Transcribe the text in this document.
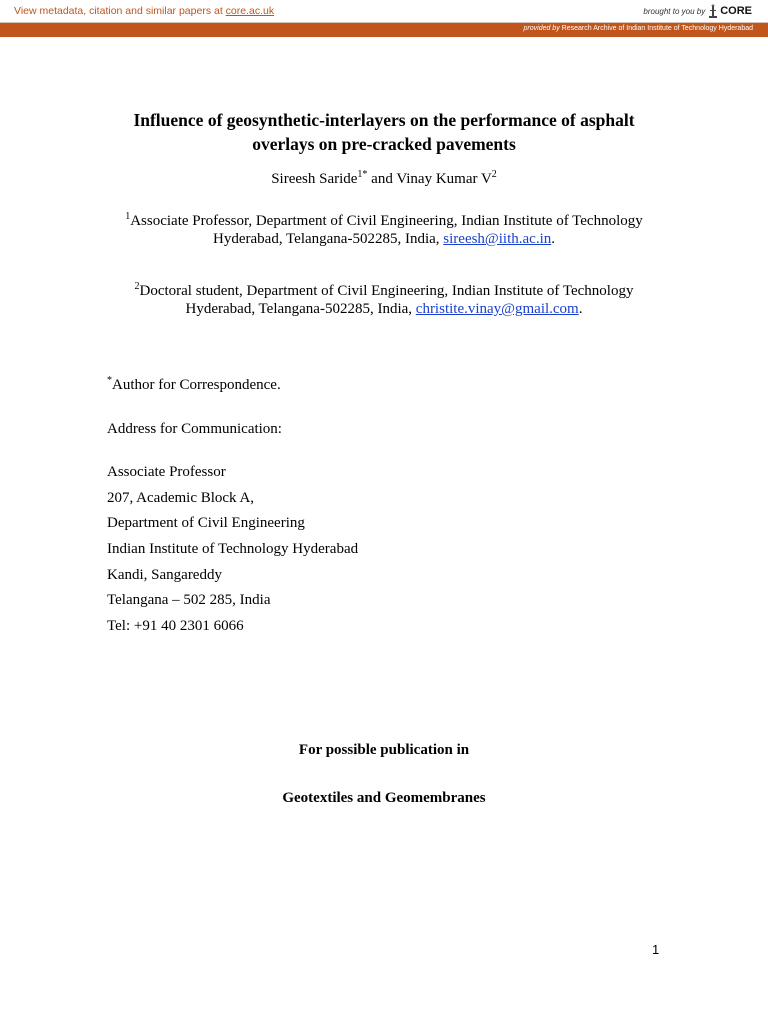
View metadata, citation and similar papers at core.ac.uk	brought to you by CORE
provided by Research Archive of Indian Institute of Technology Hyderabad
Influence of geosynthetic-interlayers on the performance of asphalt
overlays on pre-cracked pavements
Sireesh Saride$^{1*}$ and Vinay Kumar $V^2$
$^1$Associate Professor, Department of Civil Engineering, Indian Institute of Technology
Hyderabad, Telangana-502285, India, sireesh@iith.ac.in.
$^2$Doctoral student, Department of Civil Engineering, Indian Institute of Technology
Hyderabad, Telangana-502285, India, christite.vinay@gmail.com.
*Author for Correspondence.
Address for Communication:
Associate Professor
207, Academic Block A,
Department of Civil Engineering
Indian Institute of Technology Hyderabad
Kandi, Sangareddy
Telangana – 502 285, India
Tel: +91 40 2301 6066
For possible publication in
Geotextiles and Geomembranes
1
